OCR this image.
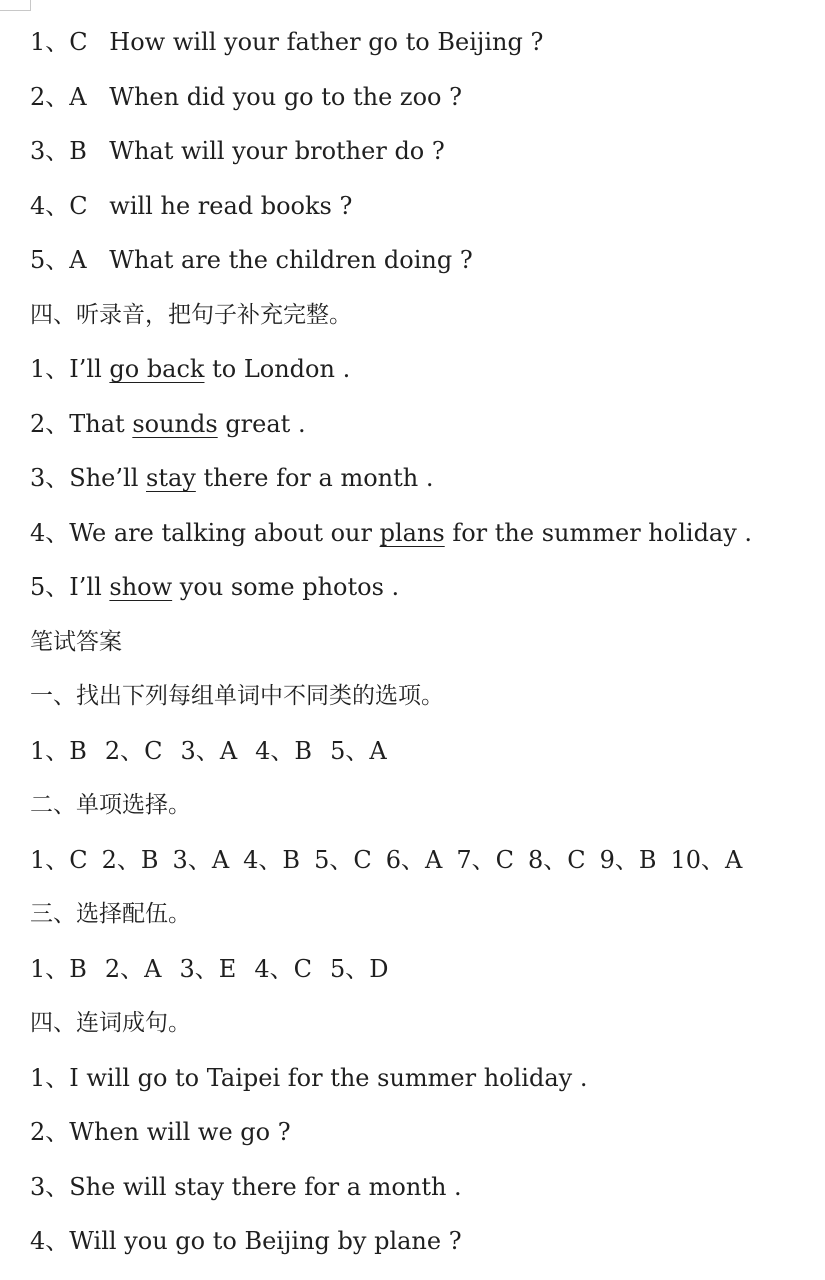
1、C How will your father go to Beijing ?
2、A When did you go to the zoo ?
3、B What will your brother do ?
4、C will he read books ?
5、A What are the children doing ?
四、听录音，把句子补充完整。
1、I’ll go back to London .
2、That sounds great .
3、She’ll stay there for a month .
4、We are talking about our plans for the summer holiday .
5、I’ll show you some photos .
笔试答案
一、找出下列每组单词中不同类的选项。
1、B 2、C 3、A 4、B 5、A
二、单项选择。
1、C 2、B 3、A 4、B 5、C 6、A 7、C 8、C 9、B 10、A
三、选择配伍。
1、B 2、A 3、E 4、C 5、D
四、连词成句。
1、I will go to Taipei for the summer holiday .
2、When will we go ?
3、She will stay there for a month .
4、Will you go to Beijing by plane ?
